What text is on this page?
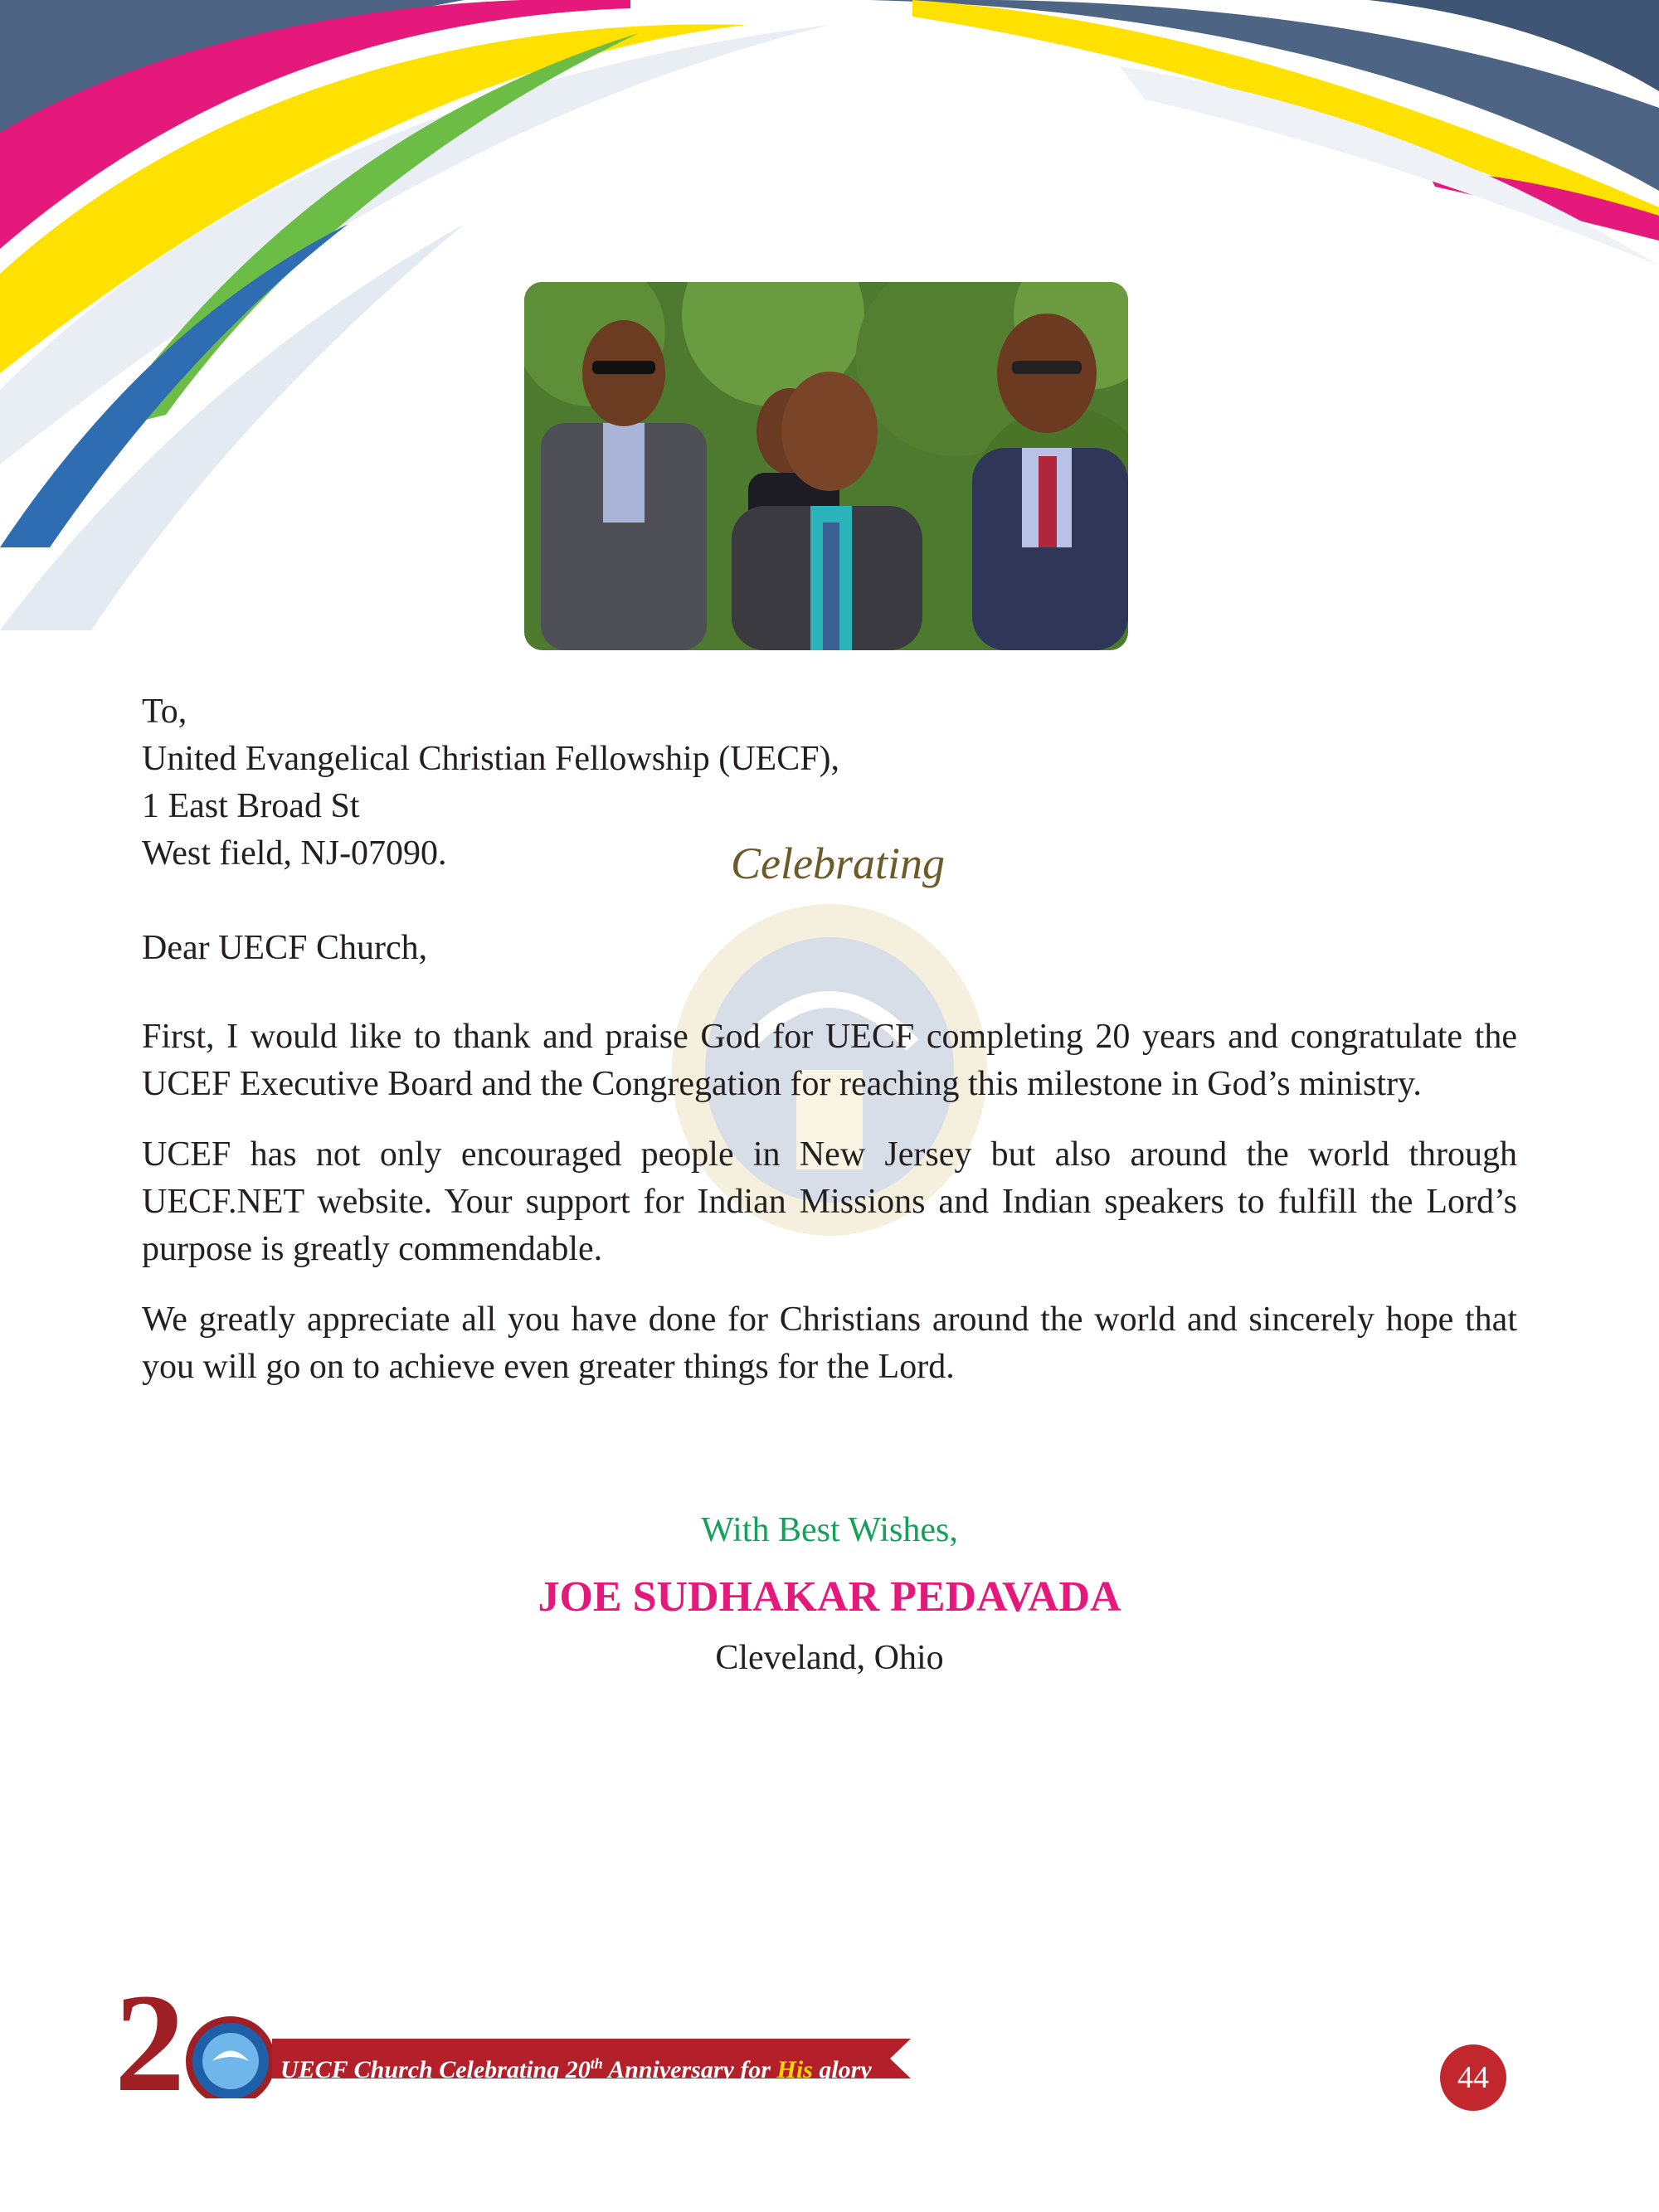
Celebrating
To,
United Evangelical Christian Fellowship (UECF),
1 East Broad St
West field, NJ-07090.
Dear UECF Church,
First, I would like to thank and praise God for UECF completing 20 years and congratulate the UCEF Executive Board and the Congregation for reaching this milestone in God’s ministry.
UCEF has not only encouraged people in New Jersey but also around the world through UECF.NET website. Your support for Indian Missions and Indian speakers to fulfill the Lord’s purpose is greatly commendable.
We greatly appreciate all you have done for Christians around the world and sincerely hope that you will go on to achieve even greater things for the Lord.
With Best Wishes,
JOE SUDHAKAR PEDAVADA
Cleveland, Ohio
2	UECF Church Celebrating 20th Anniversary for His glory	44
